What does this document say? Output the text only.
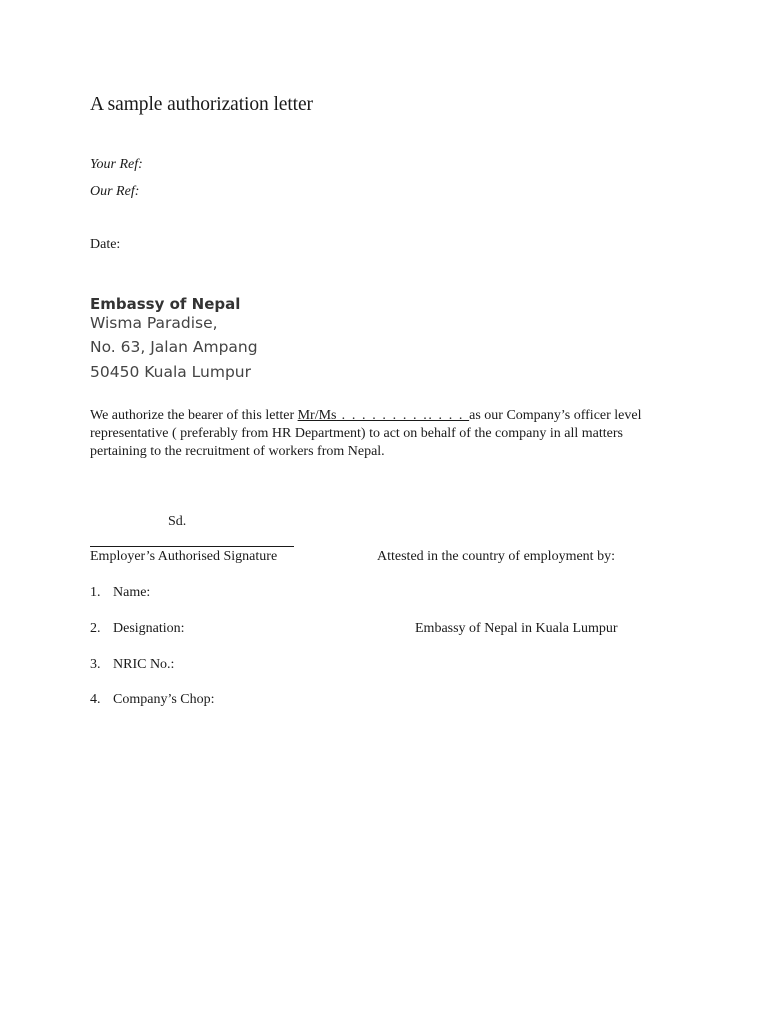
A sample authorization letter
Your Ref:
Our Ref:
Date:
Embassy of Nepal
Wisma Paradise,
No. 63, Jalan Ampang
50450 Kuala Lumpur
We authorize the bearer of this letter Mr/Ms . . . . . . . . .. . . . as our Company’s officer level
representative ( preferably from HR Department) to act on behalf of the company in all matters
pertaining to the recruitment of workers from Nepal.
Sd.
Employer’s Authorised Signature	Attested in the country of employment by:
1. Name:
2. Designation:
3. NRIC No.:
4. Company’s Chop:
Embassy of Nepal in Kuala Lumpur
